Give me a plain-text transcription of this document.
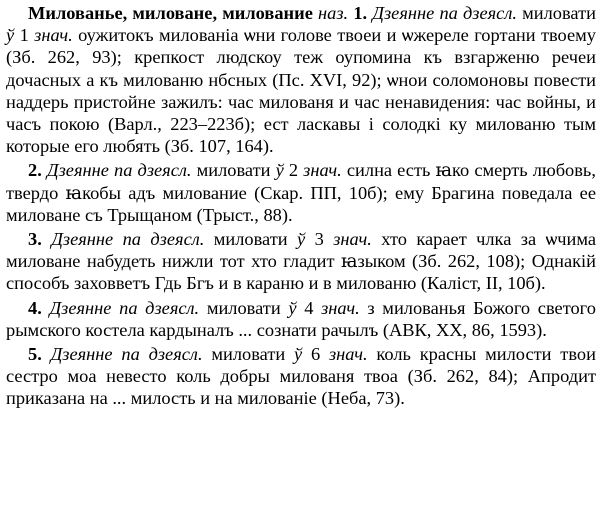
Милованье, миловане, милование наз. 1. Дзеянне па дзеясл. миловати ў 1 знач. оужитокъ милованіа ѡни голове твоеи и ѡжереле гортани твоему (Зб. 262, 93); крепкост людскоу теж оупомина къ взгарженю речеи дочасных а къ милованю нбсных (Пс. XVI, 92); ѡнои соломоновы повести наддерь пристойне зажилъ: час милованя и час ненавидения: час войны, и часъ покою (Варл., 223–223б); ест ласкавы і солодкі ку милованю тым которые его любять (Зб. 107, 164).

2. Дзеянне па дзеясл. миловати ў 2 знач. силна есть ꙗко смерть любовь, твердо ꙗкобы адъ милование (Скар. ПП, 10б); ему Брагина поведала ее миловане съ Трыщаном (Трыст., 88).

3. Дзеянне па дзеясл. миловати ў 3 знач. хто карает члка за ѡчима миловане набудеть нижли тот хто гладит ꙗзыком (Зб. 262, 108); Однакій способъ заховветъ Гдь Бгъ и в карaню и в милованю (Каліст, II, 10б).

4. Дзеянне па дзеясл. миловати ў 4 знач. з милованья Божого светого рымского костела кардыналъ ... сознати рачылъ (АВК, XX, 86, 1593).

5. Дзеянне па дзеясл. миловати ў 6 знач. коль красны милости твои сестро моа невесто коль добры милованя твоа (Зб. 262, 84); Апродит приказана на ... милость и на милованіе (Неба, 73).
